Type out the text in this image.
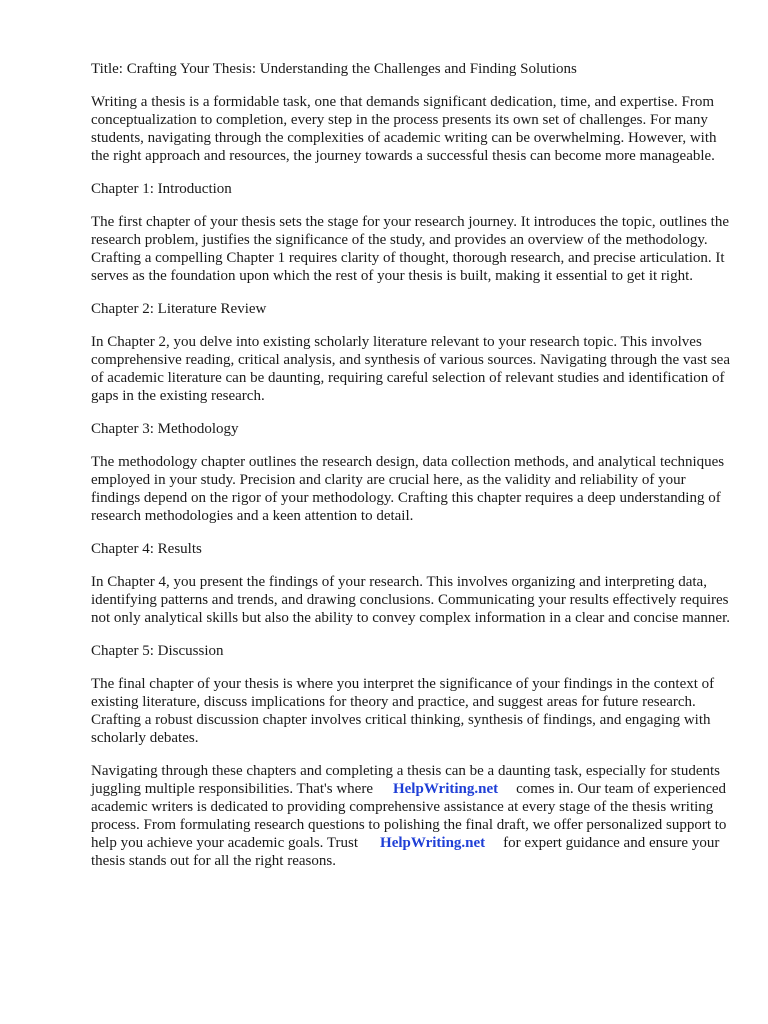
Title: Crafting Your Thesis: Understanding the Challenges and Finding Solutions

Writing a thesis is a formidable task, one that demands significant dedication, time, and expertise. From conceptualization to completion, every step in the process presents its own set of challenges. For many students, navigating through the complexities of academic writing can be overwhelming. However, with the right approach and resources, the journey towards a successful thesis can become more manageable.

Chapter 1: Introduction

The first chapter of your thesis sets the stage for your research journey. It introduces the topic, outlines the research problem, justifies the significance of the study, and provides an overview of the methodology. Crafting a compelling Chapter 1 requires clarity of thought, thorough research, and precise articulation. It serves as the foundation upon which the rest of your thesis is built, making it essential to get it right.

Chapter 2: Literature Review

In Chapter 2, you delve into existing scholarly literature relevant to your research topic. This involves comprehensive reading, critical analysis, and synthesis of various sources. Navigating through the vast sea of academic literature can be daunting, requiring careful selection of relevant studies and identification of gaps in the existing research.

Chapter 3: Methodology

The methodology chapter outlines the research design, data collection methods, and analytical techniques employed in your study. Precision and clarity are crucial here, as the validity and reliability of your findings depend on the rigor of your methodology. Crafting this chapter requires a deep understanding of research methodologies and a keen attention to detail.

Chapter 4: Results

In Chapter 4, you present the findings of your research. This involves organizing and interpreting data, identifying patterns and trends, and drawing conclusions. Communicating your results effectively requires not only analytical skills but also the ability to convey complex information in a clear and concise manner.

Chapter 5: Discussion

The final chapter of your thesis is where you interpret the significance of your findings in the context of existing literature, discuss implications for theory and practice, and suggest areas for future research. Crafting a robust discussion chapter involves critical thinking, synthesis of findings, and engaging with scholarly debates.

Navigating through these chapters and completing a thesis can be a daunting task, especially for students juggling multiple responsibilities. That's where HelpWriting.net comes in. Our team of experienced academic writers is dedicated to providing comprehensive assistance at every stage of the thesis writing process. From formulating research questions to polishing the final draft, we offer personalized support to help you achieve your academic goals. Trust HelpWriting.net for expert guidance and ensure your thesis stands out for all the right reasons.
